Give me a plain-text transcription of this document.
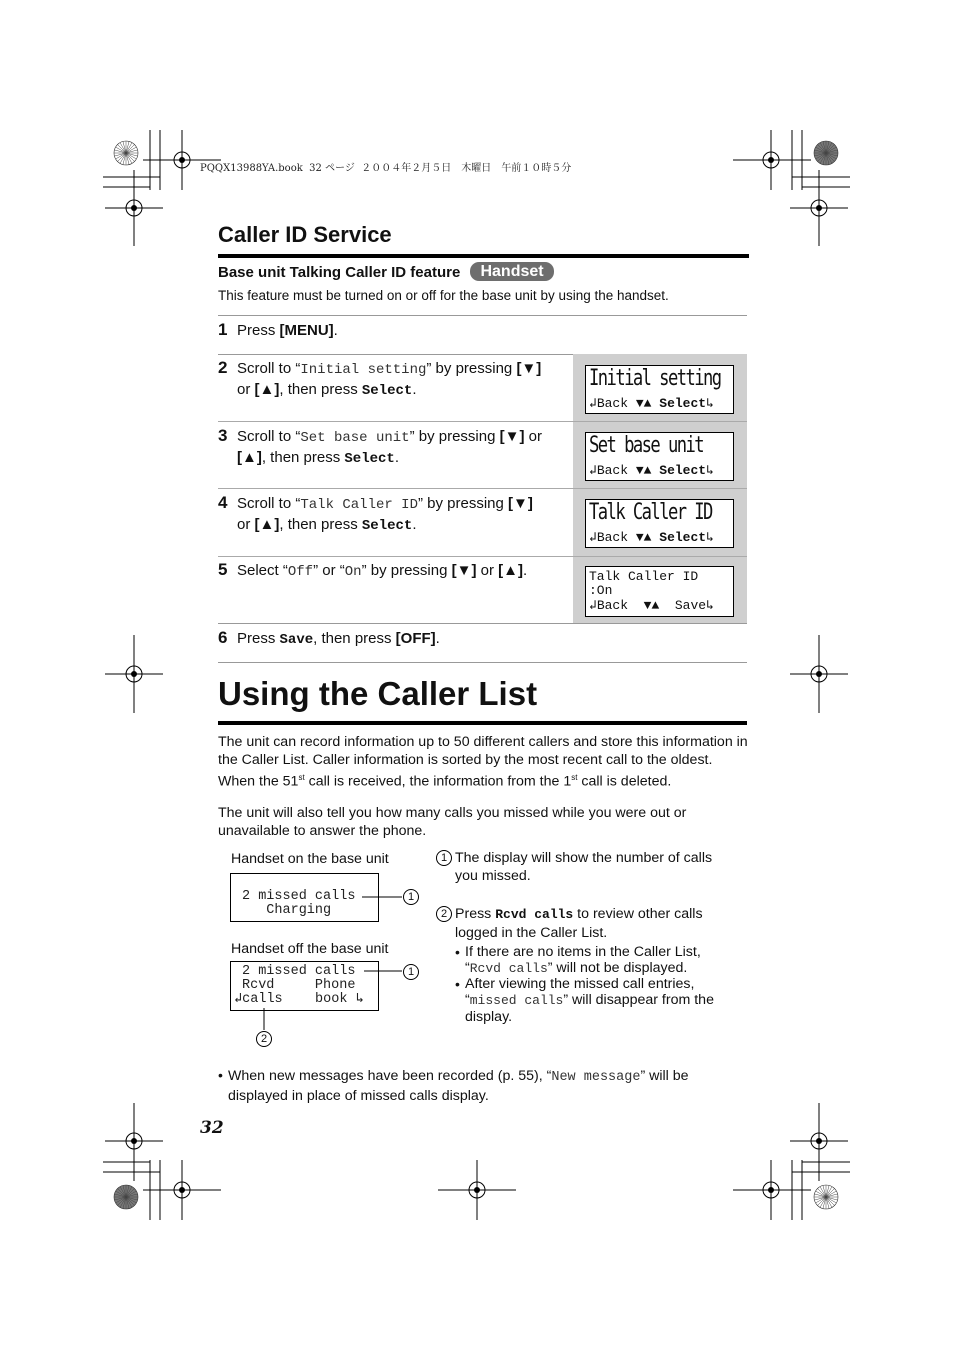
PQQX13988YA.book  32 ページ  ２００４年２月５日　木曜日　午前１０時５分
Caller ID Service
Base unit Talking Caller ID feature Handset
This feature must be turned on or off for the base unit by using the handset.
1 Press [MENU].
2 Scroll to “Initial setting” by pressing [▼]
or [▲], then press Select.	Initial setting
↲Back ▼▲ Select↳
3 Scroll to “Set base unit” by pressing [▼] or
[▲], then press Select.	Set base unit
↲Back ▼▲ Select↳
4 Scroll to “Talk Caller ID” by pressing [▼]
or [▲], then press Select.	Talk Caller ID
↲Back ▼▲ Select↳
5 Select “Off” or “On” by pressing [▼] or [▲].	Talk Caller ID
:On
↲Back ▼▲ Save↳
6 Press Save, then press [OFF].
Using the Caller List
The unit can record information up to 50 different callers and store this information in the Caller List. Caller information is sorted by the most recent call to the oldest. When the 51st call is received, the information from the 1st call is deleted.
The unit will also tell you how many calls you missed while you were out or unavailable to answer the phone.
Handset on the base unit
2 missed calls
Charging
Handset off the base unit
2 missed calls
Rcvd     Phone
↲calls    book ↳
1
1
2
1 The display will show the number of calls you missed.
2 Press Rcvd calls to review other calls logged in the Caller List.
• If there are no items in the Caller List, “Rcvd calls” will not be displayed.
• After viewing the missed call entries, “missed calls” will disappear from the display.
• When new messages have been recorded (p. 55), “New message” will be displayed in place of missed calls display.
32
